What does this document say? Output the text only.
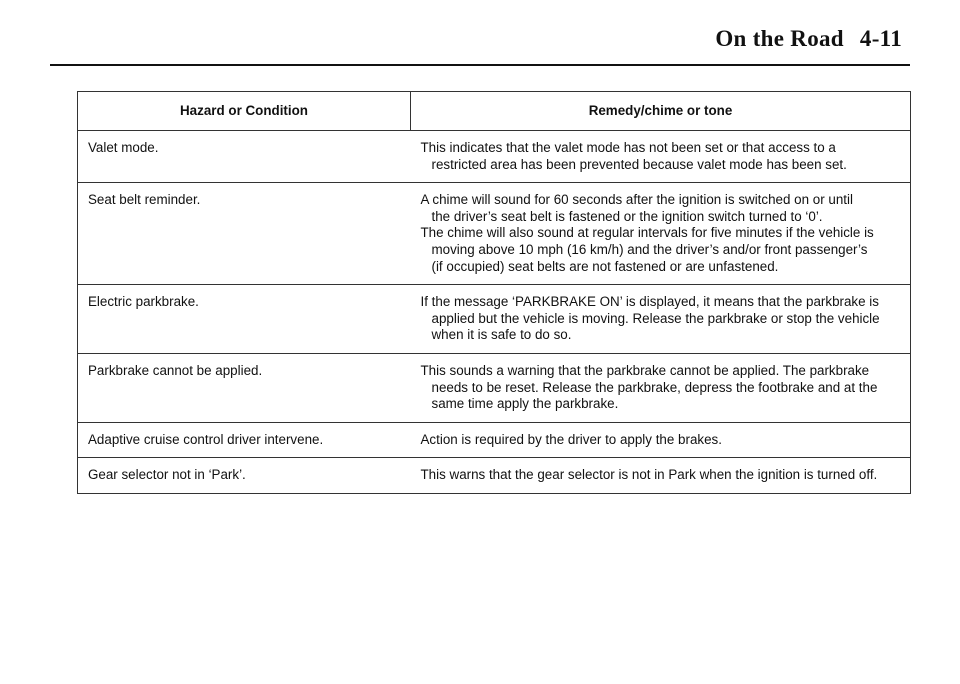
On the Road 4-11
Hazard or Condition	Remedy/chime or tone
Valet mode.	This indicates that the valet mode has not been set or that access to a
restricted area has been prevented because valet mode has been set.

Seat belt reminder.	A chime will sound for 60 seconds after the ignition is switched on or until
the driver’s seat belt is fastened or the ignition switch turned to ‘0’.
The chime will also sound at regular intervals for five minutes if the vehicle is
moving above 10 mph (16 km/h) and the driver’s and/or front passenger’s
(if occupied) seat belts are not fastened or are unfastened.

Electric parkbrake.	If the message ‘PARKBRAKE ON’ is displayed, it means that the parkbrake is
applied but the vehicle is moving. Release the parkbrake or stop the vehicle
when it is safe to do so.

Parkbrake cannot be applied.	This sounds a warning that the parkbrake cannot be applied. The parkbrake
needs to be reset. Release the parkbrake, depress the footbrake and at the
same time apply the parkbrake.

Adaptive cruise control driver intervene.	Action is required by the driver to apply the brakes.

Gear selector not in ‘Park’.	This warns that the gear selector is not in Park when the ignition is turned off.
